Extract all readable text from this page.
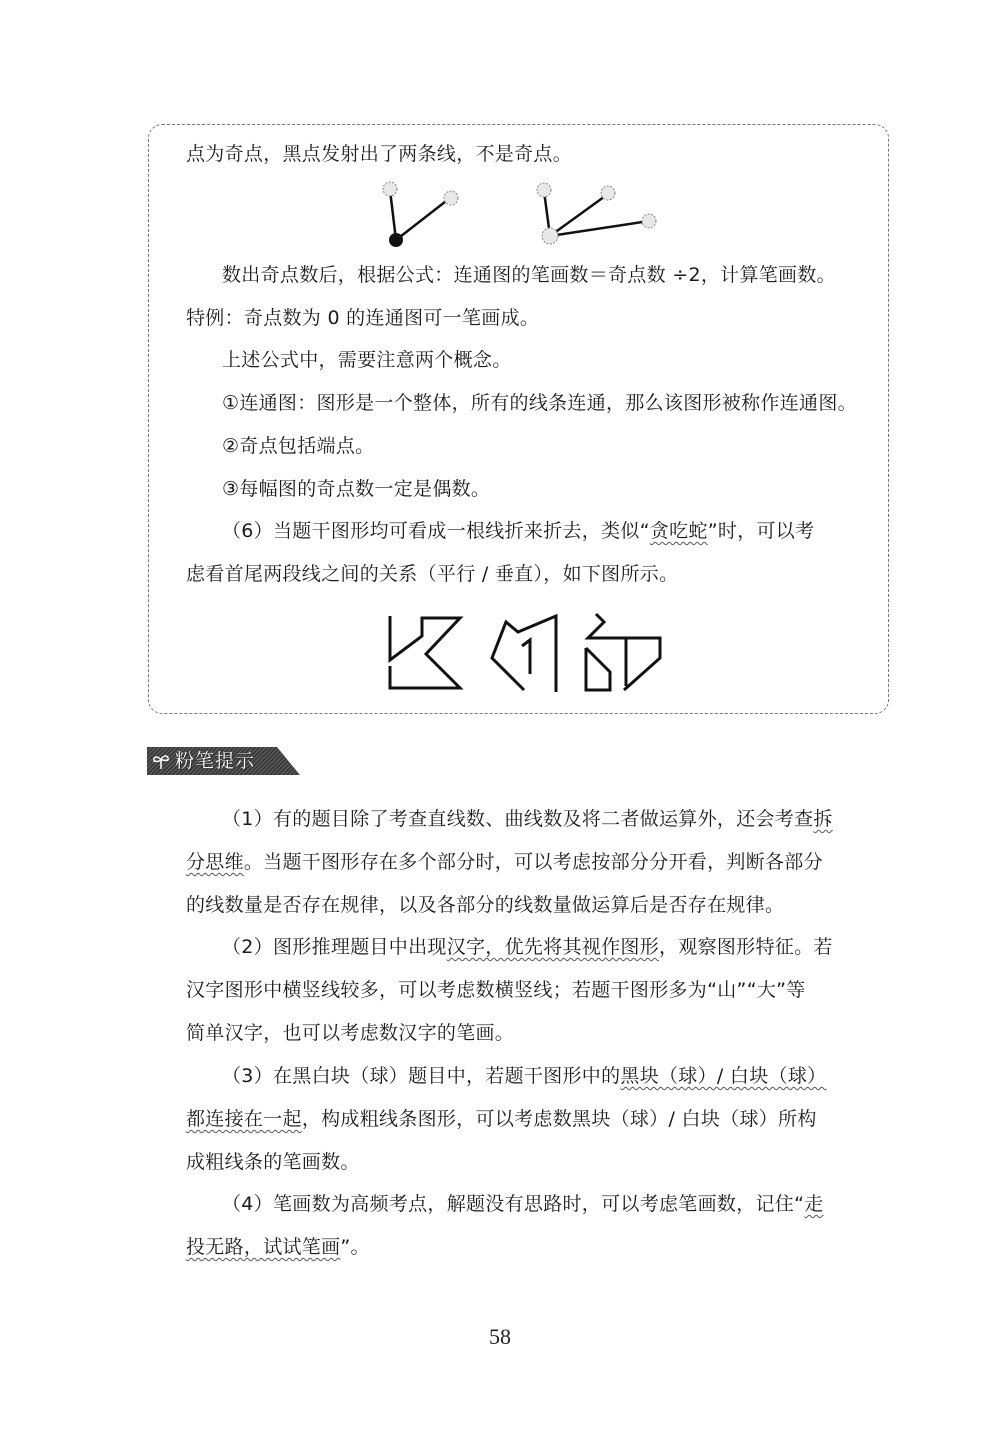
点为奇点，黑点发射出了两条线，不是奇点。
数出奇点数后，根据公式：连通图的笔画数＝奇点数 ÷2，计算笔画数。
特例：奇点数为 0 的连通图可一笔画成。
上述公式中，需要注意两个概念。
①连通图：图形是一个整体，所有的线条连通，那么该图形被称作连通图。
②奇点包括端点。
③每幅图的奇点数一定是偶数。
（6）当题干图形均可看成一根线折来折去，类似“贪吃蛇”时，可以考
虑看首尾两段线之间的关系（平行 / 垂直），如下图所示。
粉笔提示
（1）有的题目除了考查直线数、曲线数及将二者做运算外，还会考查拆
分思维。当题干图形存在多个部分时，可以考虑按部分分开看，判断各部分
的线数量是否存在规律，以及各部分的线数量做运算后是否存在规律。
（2）图形推理题目中出现汉字，优先将其视作图形，观察图形特征。若
汉字图形中横竖线较多，可以考虑数横竖线；若题干图形多为“山”“大”等
简单汉字，也可以考虑数汉字的笔画。
（3）在黑白块（球）题目中，若题干图形中的黑块（球）/ 白块（球）
都连接在一起，构成粗线条图形，可以考虑数黑块（球）/ 白块（球）所构
成粗线条的笔画数。
（4）笔画数为高频考点，解题没有思路时，可以考虑笔画数，记住“走
投无路，试试笔画”。
58
